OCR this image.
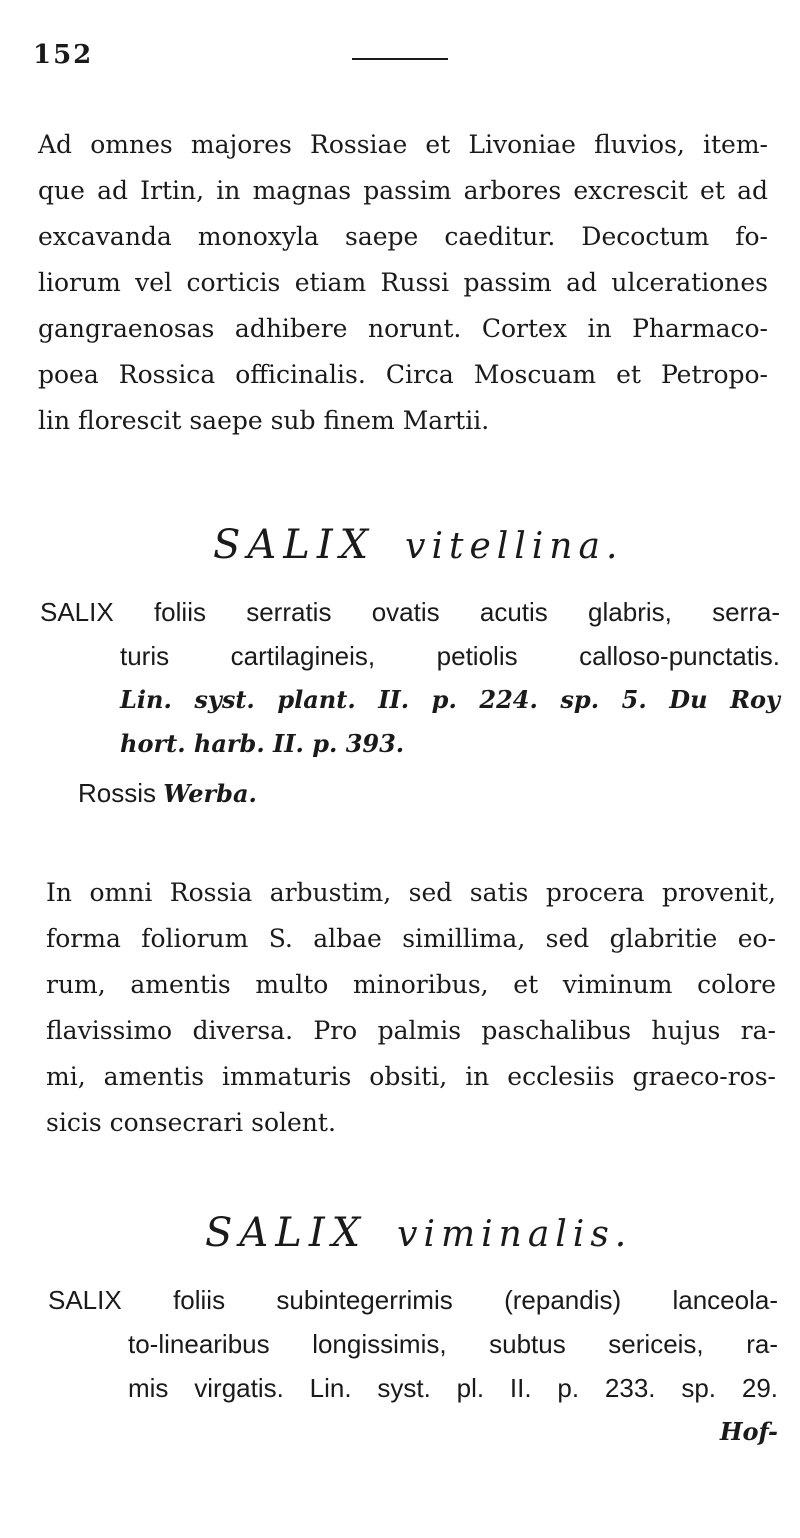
152
Ad omnes majores Rossiae et Livoniae fluvios, item-
que ad Irtin, in magnas passim arbores excrescit et ad
excavanda monoxyla saepe caeditur. Decoctum fo-
liorum vel corticis etiam Russi passim ad ulcerationes
gangraenosas adhibere norunt. Cortex in Pharmaco-
poea Rossica officinalis. Circa Moscuam et Petropo-
lin florescit saepe sub finem Martii.
SALIX vitellina.
SALIX foliis serratis ovatis acutis glabris, serra-
turis cartilagineis, petiolis calloso-punctatis.
Lin. syst. plant. II. p. 224. sp. 5. Du Roy
hort. harb. II. p. 393.
Rossis Werba.
In omni Rossia arbustim, sed satis procera provenit,
forma foliorum S. albae simillima, sed glabritie eo-
rum, amentis multo minoribus, et viminum colore
flavissimo diversa. Pro palmis paschalibus hujus ra-
mi, amentis immaturis obsiti, in ecclesiis graeco-ros-
sicis consecrari solent.
SALIX viminalis.
SALIX foliis subintegerrimis (repandis) lanceola-
to-linearibus longissimis, subtus sericeis, ra-
mis virgatis. Lin. syst. pl. II. p. 233. sp. 29.
Hof-
